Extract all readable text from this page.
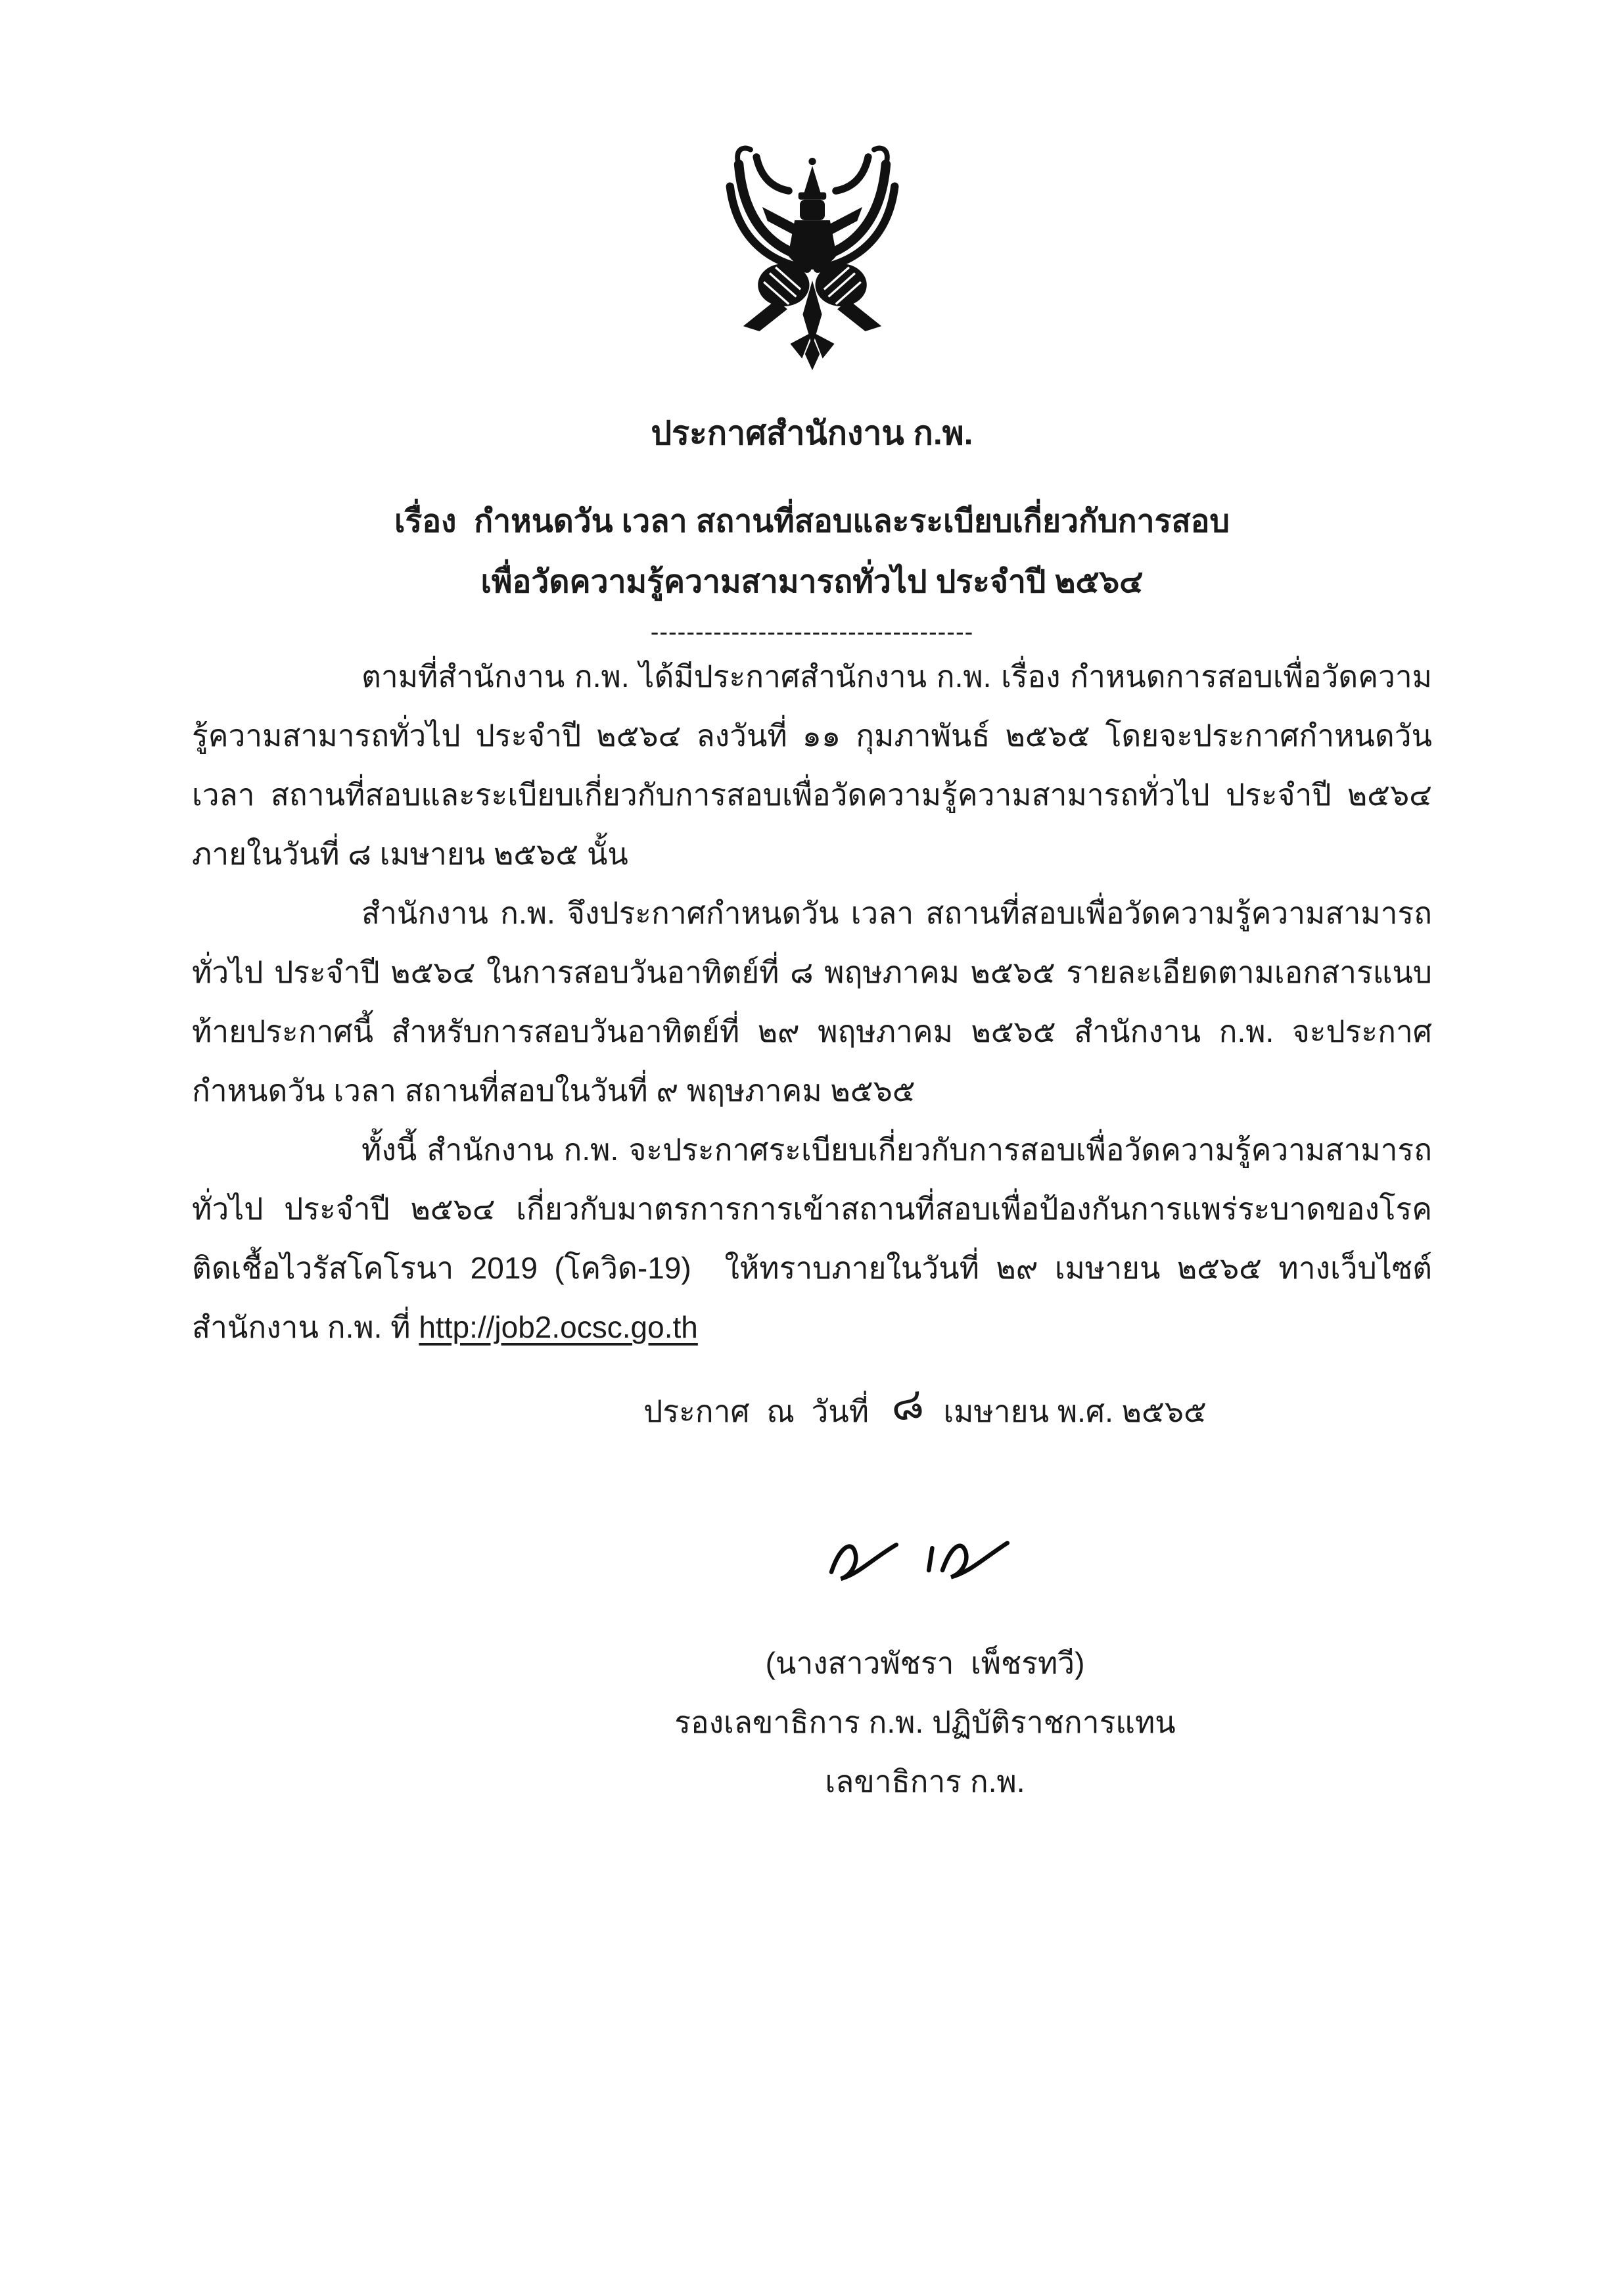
ประกาศสำนักงาน ก.พ.
เรื่อง  กำหนดวัน เวลา สถานที่สอบและระเบียบเกี่ยวกับการสอบ
เพื่อวัดความรู้ความสามารถทั่วไป ประจำปี ๒๕๖๔
------------------------------------

ตามที่สำนักงาน ก.พ. ได้มีประกาศสำนักงาน ก.พ. เรื่อง กำหนดการสอบเพื่อวัดความรู้ความสามารถทั่วไป ประจำปี ๒๕๖๔ ลงวันที่ ๑๑ กุมภาพันธ์ ๒๕๖๕ โดยจะประกาศกำหนดวัน เวลา สถานที่สอบและระเบียบเกี่ยวกับการสอบเพื่อวัดความรู้ความสามารถทั่วไป ประจำปี ๒๕๖๔ ภายในวันที่ ๘ เมษายน ๒๕๖๕ นั้น

สำนักงาน ก.พ. จึงประกาศกำหนดวัน เวลา สถานที่สอบเพื่อวัดความรู้ความสามารถทั่วไป ประจำปี ๒๕๖๔ ในการสอบวันอาทิตย์ที่ ๘ พฤษภาคม ๒๕๖๕ รายละเอียดตามเอกสารแนบท้ายประกาศนี้ สำหรับการสอบวันอาทิตย์ที่ ๒๙ พฤษภาคม ๒๕๖๕ สำนักงาน ก.พ. จะประกาศกำหนดวัน เวลา สถานที่สอบในวันที่ ๙ พฤษภาคม ๒๕๖๕

ทั้งนี้ สำนักงาน ก.พ. จะประกาศระเบียบเกี่ยวกับการสอบเพื่อวัดความรู้ความสามารถทั่วไป ประจำปี ๒๕๖๔ เกี่ยวกับมาตรการการเข้าสถานที่สอบเพื่อป้องกันการแพร่ระบาดของโรคติดเชื้อไวรัสโคโรนา 2019 (โควิด-19)  ให้ทราบภายในวันที่ ๒๙ เมษายน ๒๕๖๕ ทางเว็บไซต์สำนักงาน ก.พ. ที่ http://job2.ocsc.go.th

ประกาศ  ณ  วันที่ ๘ เมษายน พ.ศ. ๒๕๖๕
(นางสาวพัชรา  เพ็ชรทวี)
รองเลขาธิการ ก.พ. ปฏิบัติราชการแทน
เลขาธิการ ก.พ.
